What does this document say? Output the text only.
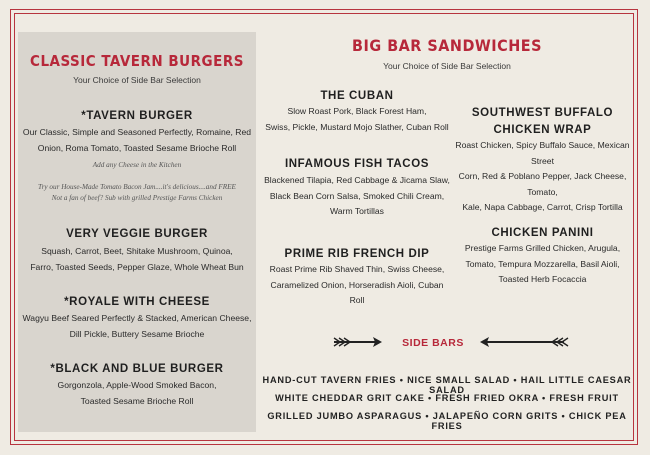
CLASSIC TAVERN BURGERS
Your Choice of Side Bar Selection
*TAVERN BURGER
Our Classic, Simple and Seasoned Perfectly, Romaine, Red
Onion, Roma Tomato, Toasted Sesame Brioche Roll
Add any Cheese in the Kitchen
Try our House-Made Tomato Bacon Jam....it's delicious....and FREE
Not a fan of beef? Sub with grilled Prestige Farms Chicken
VERY VEGGIE BURGER
Squash, Carrot, Beet, Shitake Mushroom, Quinoa,
Farro, Toasted Seeds, Pepper Glaze, Whole Wheat Bun
*ROYALE WITH CHEESE
Wagyu Beef Seared Perfectly & Stacked, American Cheese,
Dill Pickle, Buttery Sesame Brioche
*BLACK AND BLUE BURGER
Gorgonzola, Apple-Wood Smoked Bacon,
Toasted Sesame Brioche Roll
BIG BAR SANDWICHES
Your Choice of Side Bar Selection
THE CUBAN
Slow Roast Pork, Black Forest Ham,
Swiss, Pickle, Mustard Mojo Slather, Cuban Roll
INFAMOUS FISH TACOS
Blackened Tilapia, Red Cabbage & Jicama Slaw,
Black Bean Corn Salsa, Smoked Chili Cream,
Warm Tortillas
PRIME RIB FRENCH DIP
Roast Prime Rib Shaved Thin, Swiss Cheese,
Caramelized Onion, Horseradish Aioli, Cuban Roll
SOUTHWEST BUFFALO
CHICKEN WRAP
Roast Chicken, Spicy Buffalo Sauce, Mexican Street
Corn, Red & Poblano Pepper, Jack Cheese, Tomato,
Kale, Napa Cabbage, Carrot, Crisp Tortilla
CHICKEN PANINI
Prestige Farms Grilled Chicken, Arugula,
Tomato, Tempura Mozzarella, Basil Aioli,
Toasted Herb Focaccia
SIDE BARS
HAND-CUT TAVERN FRIES • NICE SMALL SALAD • HAIL LITTLE CAESAR SALAD
WHITE CHEDDAR GRIT CAKE • FRESH FRIED OKRA • FRESH FRUIT
GRILLED JUMBO ASPARAGUS • JALAPEÑO CORN GRITS • CHICK PEA FRIES
